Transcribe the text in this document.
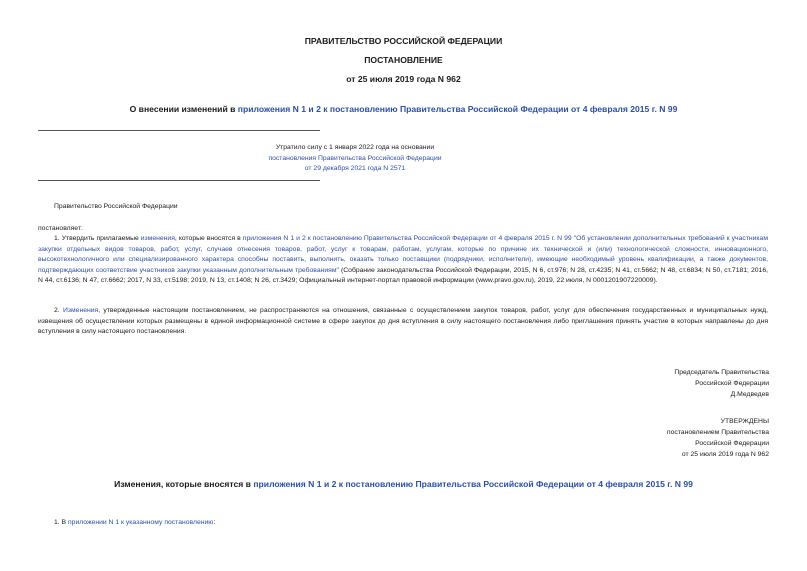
ПРАВИТЕЛЬСТВО РОССИЙСКОЙ ФЕДЕРАЦИИ
ПОСТАНОВЛЕНИЕ
от 25 июля 2019 года N 962
О внесении изменений в приложения N 1 и 2 к постановлению Правительства Российской Федерации от 4 февраля 2015 г. N 99
Утратило силу с 1 января 2022 года на основании
постановления Правительства Российской Федерации
от 29 декабря 2021 года N 2571
Правительство Российской Федерации
постановляет:
1. Утвердить прилагаемые изменения, которые вносятся в приложения N 1 и 2 к постановлению Правительства Российской Федерации от 4 февраля 2015 г. N 99 "Об установлении дополнительных требований к участникам закупки отдельных видов товаров, работ, услуг, случаев отнесения товаров, работ, услуг к товарам, работам, услугам, которые по причине их технической и (или) технологической сложности, инновационного, высокотехнологичного или специализированного характера способны поставить, выполнить, оказать только поставщики (подрядчики, исполнители), имеющие необходимый уровень квалификации, а также документов, подтверждающих соответствие участников закупки указанным дополнительным требованиям" (Собрание законодательства Российской Федерации, 2015, N 6, ст.976; N 28, ст.4235; N 41, ст.5662; N 48, ст.6834; N 50, ст.7181; 2016, N 44, ст.6136; N 47, ст.6662; 2017, N 33, ст.5198; 2019, N 13, ст.1408; N 26, ст.3429; Официальный интернет-портал правовой информации (www.pravo.gov.ru), 2019, 22 июля, N 0001201907220009).
2. Изменения, утвержденные настоящим постановлением, не распространяются на отношения, связанные с осуществлением закупок товаров, работ, услуг для обеспечения государственных и муниципальных нужд, извещения об осуществлении которых размещены в единой информационной системе в сфере закупок до дня вступления в силу настоящего постановления либо приглашения принять участие в которых направлены до дня вступления в силу настоящего постановления.
Председатель Правительства
Российской Федерации
Д.Медведев
УТВЕРЖДЕНЫ
постановлением Правительства
Российской Федерации
от 25 июля 2019 года N 962
Изменения, которые вносятся в приложения N 1 и 2 к постановлению Правительства Российской Федерации от 4 февраля 2015 г. N 99
1. В приложении N 1 к указанному постановлению:
